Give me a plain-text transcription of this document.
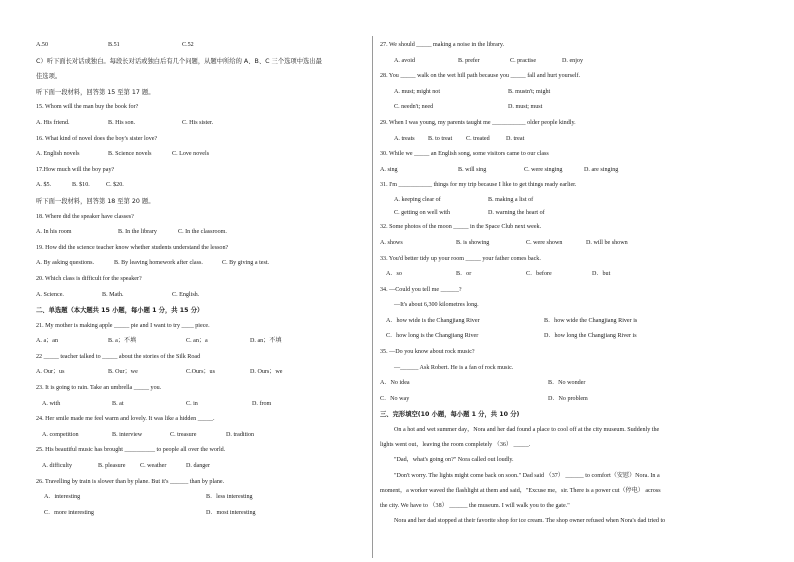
A.50	B.51	C.52
C）听下面长对话或独白。每段长对话或独白后有几个问题，从题中所给的 A、B、C 三个选项中选出最
佳选项。
听下面一段材料，回答第 15 至第 17 题。
15. Whom will the man buy the book for?
A. His friend.	B. His son.	C. His sister.
16. What kind of novel does the boy's sister love?
A. English novels	B. Science novels	C. Love novels
17.How much will the boy pay?
A. $5.	B. $10.	C. $20.
听下面一段材料，回答第 18 至第 20 题。
18. Where did the speaker have classes?
A. In his room	B. In the library	C. In the classroom.
19. How did the science teacher know whether students understand the lesson?
A. By asking questions.	B. By leaving homework after class.	C. By giving a test.
20. Which class is difficult for the speaker?
A. Science.	B. Math.	C. English.
二、单选题（本大题共 15 小题，每小题 1 分，共 15 分）
21. My mother is making apple _____ pie and I want to try ____ piece.
A. a；an	B. a；不填	C. an；a	D. an；不填
22 _____ teacher talked to _____ about the stories of the Silk Road
A. Our；us	B. Our；we	C.Ours；us	D. Ours；we
23. It is going to rain. Take an umbrella _____ you.
A. with	B. at	C. in	D. from
24. Her smile made me feel warm and lovely. It was like a hidden _____.
A. competition	B. interview	C. treasure	D. tradition
25. His beautiful music has brought __________ to people all over the world.
A. difficulty	B. pleasure C. weather	D. danger
26. Travelling by train is slower than by plane. But it's ______ than by plane.
A．interesting	B．less interesting
C．more interesting	D．most interesting
27. We should _____ making a noise in the library.
A. avoid	B. prefer	C. practise	D. enjoy
28. You _____ walk on the wet hill path because you _____ fall and hurt yourself.
A. must; might not	B. mustn't; might
C. needn't; need	D. must; must
29. When I was young, my parents taught me ___________ older people kindly.
A. treats B. to treat C. treated	D. treat
30. While we _____ an English song, some visitors came to our class
A. sing	B. will sing	C. were singing	D. are singing
31. I'm ___________ things for my trip because I like to get things ready earlier.
A. keeping clear of	B. making a list of
C. getting on well with	D. warning the heart of
32. Some photos of the moon _____ in the Space Club next week.
A. shows	B. is showing	C. were shown	D. will be shown
33. You'd better tidy up your room _____ your father comes back.
A．so	B．or	C．before	D．but
34. —Could you tell me ______?
—It's about 6,300 kilometres long.
A．how wide is the Changjiang River	B．how wide the Changjiang River is
C．how long is the Changjiang River	D．how long the Changjiang River is
35. —Do you know about rock music?
—______ Ask Robert. He is a fan of rock music.
A．No idea	B．No wonder
C．No way	D．No problem
三、完形填空(10 小题，每小题 1 分，共 10 分)
On a hot and wet summer day，Nora and her dad found a place to cool off at the city museum. Suddenly the
lights went out，leaving the room completely （36） _____.
"Dad，what's going on?" Nora called out loudly.
"Don't worry. The lights might come back on soon." Dad said （37） ______ to comfort（安慰）Nora. In a
moment，a worker waved the flashlight at them and said，"Excuse me，sir. There is a power cut（停电） across
the city. We have to （38） ______ the museum. I will walk you to the gate."
Nora and her dad stopped at their favorite shop for ice cream. The shop owner refused when Nora's dad tried to
